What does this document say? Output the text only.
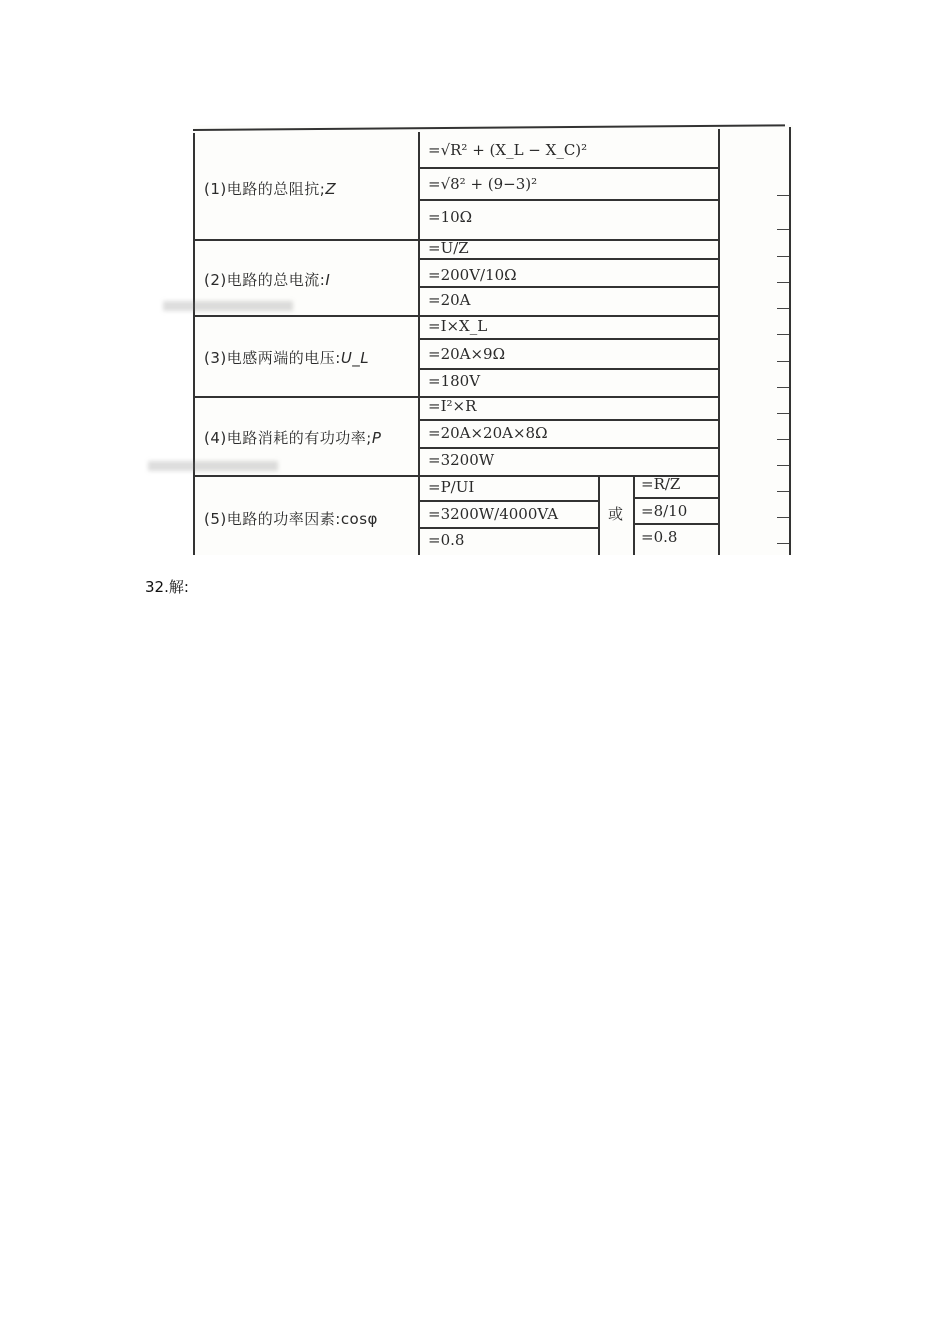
(1)电路的总阻抗;Z
=√R² + (X_L − X_C)²
=√8² + (9−3)²
=10Ω
(2)电路的总电流:I
=U/Z
=200V/10Ω
=20A
(3)电感两端的电压:U_L
=I×X_L
=20A×9Ω
=180V
(4)电路消耗的有功功率;P
=I²×R
=20A×20A×8Ω
=3200W
(5)电路的功率因素:cosφ
=P/UI
=3200W/4000VA
=0.8
或
=R/Z
=8/10
=0.8
32.解:
